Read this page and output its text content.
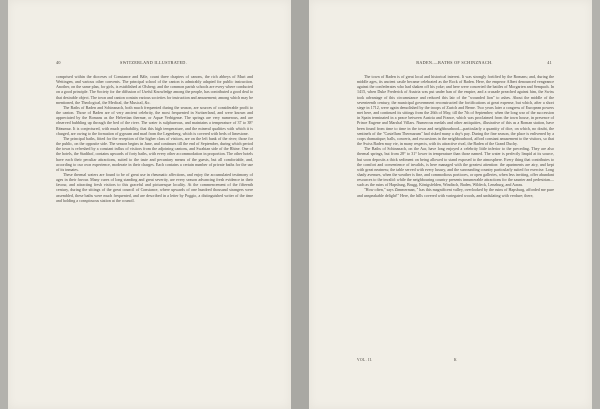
40	SWITZERLAND ILLUSTRATED.

comprised within the dioceses of Constance and Bâle, count three chapters of canons, the rich abbeys of Muri and Wettingen, and various other convents. The principal school of the canton is admirably adapted for public instruction. Another, on the same plan, for girls, is established at Olsberg; and the common parish schools are every where conducted on a good principle. The Society for the diffusion of Useful Knowledge among the people, has contributed a good deal to that desirable object. The town and canton contain various societies for instruction and amusement; among which may be mentioned, the Theological, the Medical, the Musical, &c.

The Baths of Baden and Schinznach, both much frequented during the season, are sources of considerable profit to the canton. Those of Baden are of very ancient celebrity, the most frequented in Switzerland, and were known and appreciated by the Romans as the Helvetian thermæ, or Aquæ Verbigenæ. The springs are very numerous, and are observed bubbling up through the bed of the river. The water is sulphureous, and maintains a temperature of 37 to 38° Réaumur. It is conjectured, with much probability, that this high temperature, and the mineral qualities with which it is charged, are owing to the formation of gypsum and marl from the Legenberg, which is covered with beds of limestone.

The principal baths, fitted for the reception of the higher class of visitors, are on the left bank of the river; those for the public, on the opposite side. The season begins in June, and continues till the end of September, during which period the town is refreshed by a constant influx of visitors from the adjoining cantons, and Swabian side of the Rhine. One of the hotels, the Stadthof, contains upwards of forty baths, with every other accommodation in proportion. The other hotels have each their peculiar attractions, suited to the taste and pecuniary means of the guests, but all comfortable, and, according to our own experience, moderate in their charges. Each contains a certain number of private baths for the use of its inmates.

These thermal waters are found to be of great use in rheumatic affections, and enjoy the accumulated testimony of ages in their favour. Many cures of long standing and great severity, are every season advancing fresh evidence in their favour, and attracting fresh visitors to this graceful and picturesque locality. At the commencement of the fifteenth century, during the sittings of the great council of Constance, where upwards of one hundred thousand strangers were assembled, these baths were much frequented, and are described in a letter by Poggio, a distinguished writer of the time and holding a conspicuous station at the council.

BADEN.—BATHS OF SCHINZNACH.	41

The town of Baden is of great local and historical interest. It was strongly fortified by the Romans; and, during the middle ages, its ancient castle became celebrated as the Rock of Baden. Here, the emperor Albert denounced vengeance against the confederates who had shaken off his yoke; and here were concerted the battles of Morgarten and Sempach. In 1415, when Duke Frederick of Austria was put under ban of the empire, and a crusade preached against him, the Swiss took advantage of this circumstance and reduced this lair of the "wounded lion" to ashes. About the middle of the seventeenth century, the municipal government reconstructed the fortifications at great expense, but which, after a short siege in 1712, were again demolished by the troops of Zurich and Berne. Two years later a congress of European powers met here, and continued its sittings from the 26th of May, till the 7th of September; when the long war of the succession in Spain terminated in a peace between Austria and France, which was proclaimed from the town house, in presence of Prince Eugene and Marshal Villars. Numerous medals and other antiquities, illustrative of this as a Roman station, have been found from time to time in the town and neighbourhood—particularly a quantity of dice, on which, no doubt, the sentinels of the "Castellum Thermarum" had risked many a day's pay. During the fine season, the place is enlivened by a corps dramatique; balls, concerts, and excursions in the neighbourhood, afford constant amusement to the visitors, so that the Swiss Baden may vie, in many respects, with its attractive rival, the Baden of the Grand Duchy.

The Baths of Schinznach, on the Aar, have long enjoyed a celebrity little inferior to the preceding. They are also thermal springs, but from 28° to 31° lower in temperature than those named. The water is perfectly limpid at its source, but soon deposits a thick sediment on being allowed to stand exposed to the atmosphere. Every thing that contributes to the comfort and convenience of invalids, is here managed with the greatest attention: the apartments are airy, and kept with great neatness; the table served with every luxury, and the surrounding country particularly suited for exercise. Long shady avenues, when the weather is fine, and commodious porticoes, or open galleries, when less inviting, offer abundant resources to the invalid: while the neighbouring country presents innumerable attractions for the saunter and pedestrian—such as the ruins of Hapsburg, Brugg, Königsfelden, Windisch, Baden, Wildeck, Lenzburg, and Aarau.

"How often," says Zimmerman, " has this magnificent valley, overlooked by the ruins of Hapsburg, afforded me pure and unspeakable delight!" Here, the hills covered with variegated woods, and undulating with verdure; there,

VOL. II.	K
